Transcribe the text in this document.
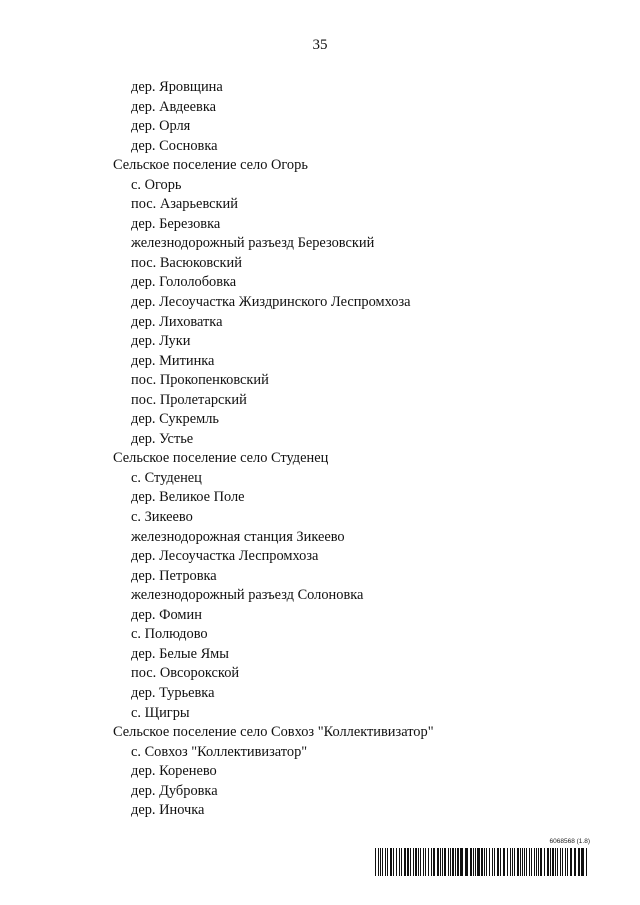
35
дер. Яровщина
дер. Авдеевка
дер. Орля
дер. Сосновка
Сельское поселение село Огорь
с. Огорь
пос. Азарьевский
дер. Березовка
железнодорожный разъезд Березовский
пос. Васюковский
дер. Гололобовка
дер. Лесоучастка Жиздринского Леспромхоза
дер. Лиховатка
дер. Луки
дер. Митинка
пос. Прокопенковский
пос. Пролетарский
дер. Сукремль
дер. Устье
Сельское поселение село Студенец
с. Студенец
дер. Великое Поле
с. Зикеево
железнодорожная станция Зикеево
дер. Лесоучастка Леспромхоза
дер. Петровка
железнодорожный разъезд Солоновка
дер. Фомин
с. Полюдово
дер. Белые Ямы
пос. Овсорокской
дер. Турьевка
с. Щигры
Сельское поселение село Совхоз "Коллективизатор"
с. Совхоз "Коллективизатор"
дер. Коренево
дер. Дубровка
дер. Иночка
6068568 (1.8)
